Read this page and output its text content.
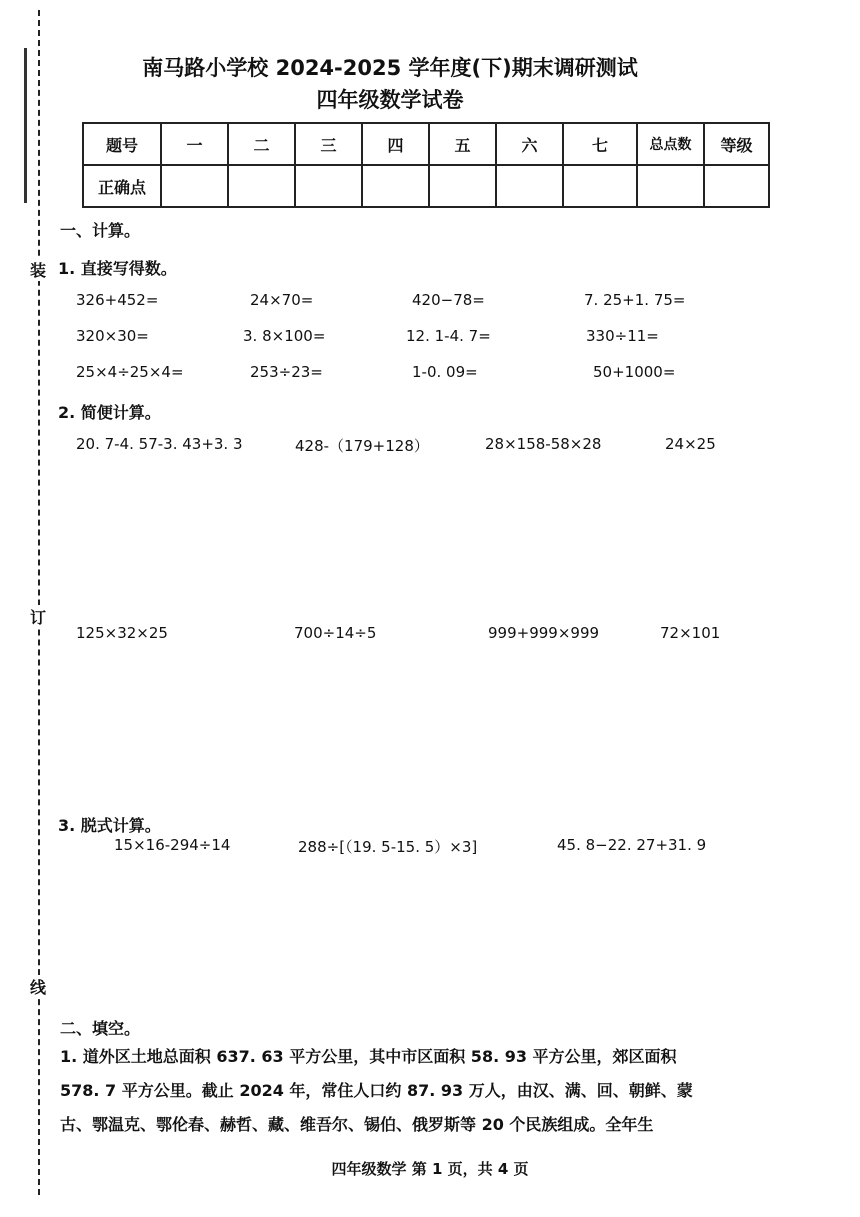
装
订
线
南马路小学校 2024-2025 学年度(下)期末调研测试
四年级数学试卷
题号	一	二	三	四	五	六	七	总点数	等级
正确点									
一、计算。
1. 直接写得数。
326+452=	24×70=	420−78=	7. 25+1. 75=
320×30=	3. 8×100=	12. 1-4. 7=	330÷11=
25×4÷25×4=	253÷23=	1-0. 09=	50+1000=
2. 简便计算。
20. 7-4. 57-3. 43+3. 3	428-（179+128）	28×158-58×28	24×25
125×32×25	700÷14÷5	999+999×999	72×101
3. 脱式计算。
15×16-294÷14	288÷[（19. 5-15. 5）×3]	45. 8−22. 27+31. 9
二、填空。
1. 道外区土地总面积 637. 63 平方公里，其中市区面积 58. 93 平方公里，郊区面积
578. 7 平方公里。截止 2024 年，常住人口约 87. 93 万人，由汉、满、回、朝鲜、蒙
古、鄂温克、鄂伦春、赫哲、藏、维吾尔、锡伯、俄罗斯等 20 个民族组成。全年生
四年级数学 第 1 页，共 4 页
